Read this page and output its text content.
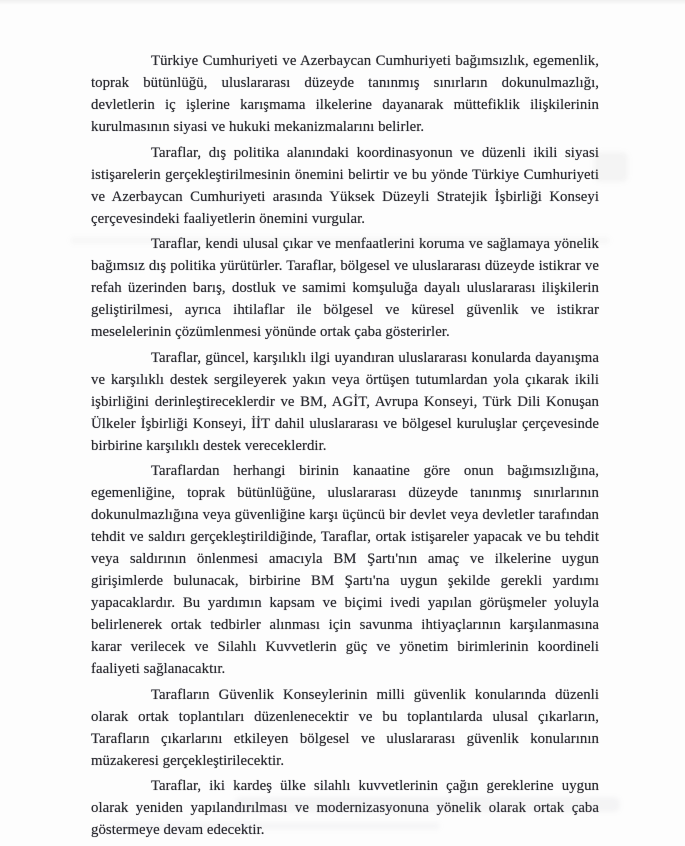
Türkiye Cumhuriyeti ve Azerbaycan Cumhuriyeti bağımsızlık, egemenlik, toprak bütünlüğü, uluslararası düzeyde tanınmış sınırların dokunulmazlığı, devletlerin iç işlerine karışmama ilkelerine dayanarak müttefiklik ilişkilerinin kurulmasının siyasi ve hukuki mekanizmalarını belirler.

Taraflar, dış politika alanındaki koordinasyonun ve düzenli ikili siyasi istişarelerin gerçekleştirilmesinin önemini belirtir ve bu yönde Türkiye Cumhuriyeti ve Azerbaycan Cumhuriyeti arasında Yüksek Düzeyli Stratejik İşbirliği Konseyi çerçevesindeki faaliyetlerin önemini vurgular.

Taraflar, kendi ulusal çıkar ve menfaatlerini koruma ve sağlamaya yönelik bağımsız dış politika yürütürler. Taraflar, bölgesel ve uluslararası düzeyde istikrar ve refah üzerinden barış, dostluk ve samimi komşuluğa dayalı uluslararası ilişkilerin geliştirilmesi, ayrıca ihtilaflar ile bölgesel ve küresel güvenlik ve istikrar meselelerinin çözümlenmesi yönünde ortak çaba gösterirler.

Taraflar, güncel, karşılıklı ilgi uyandıran uluslararası konularda dayanışma ve karşılıklı destek sergileyerek yakın veya örtüşen tutumlardan yola çıkarak ikili işbirliğini derinleştireceklerdir ve BM, AGİT, Avrupa Konseyi, Türk Dili Konuşan Ülkeler İşbirliği Konseyi, İİT dahil uluslararası ve bölgesel kuruluşlar çerçevesinde birbirine karşılıklı destek vereceklerdir.

Taraflardan herhangi birinin kanaatine göre onun bağımsızlığına, egemenliğine, toprak bütünlüğüne, uluslararası düzeyde tanınmış sınırlarının dokunulmazlığına veya güvenliğine karşı üçüncü bir devlet veya devletler tarafından tehdit ve saldırı gerçekleştirildiğinde, Taraflar, ortak istişareler yapacak ve bu tehdit veya saldırının önlenmesi amacıyla BM Şartı'nın amaç ve ilkelerine uygun girişimlerde bulunacak, birbirine BM Şartı'na uygun şekilde gerekli yardımı yapacaklardır. Bu yardımın kapsam ve biçimi ivedi yapılan görüşmeler yoluyla belirlenerek ortak tedbirler alınması için savunma ihtiyaçlarının karşılanmasına karar verilecek ve Silahlı Kuvvetlerin güç ve yönetim birimlerinin koordineli faaliyeti sağlanacaktır.

Tarafların Güvenlik Konseylerinin milli güvenlik konularında düzenli olarak ortak toplantıları düzenlenecektir ve bu toplantılarda ulusal çıkarların, Tarafların çıkarlarını etkileyen bölgesel ve uluslararası güvenlik konularının müzakeresi gerçekleştirilecektir.

Taraflar, iki kardeş ülke silahlı kuvvetlerinin çağın gereklerine uygun olarak yeniden yapılandırılması ve modernizasyonuna yönelik olarak ortak çaba göstermeye devam edecektir.
